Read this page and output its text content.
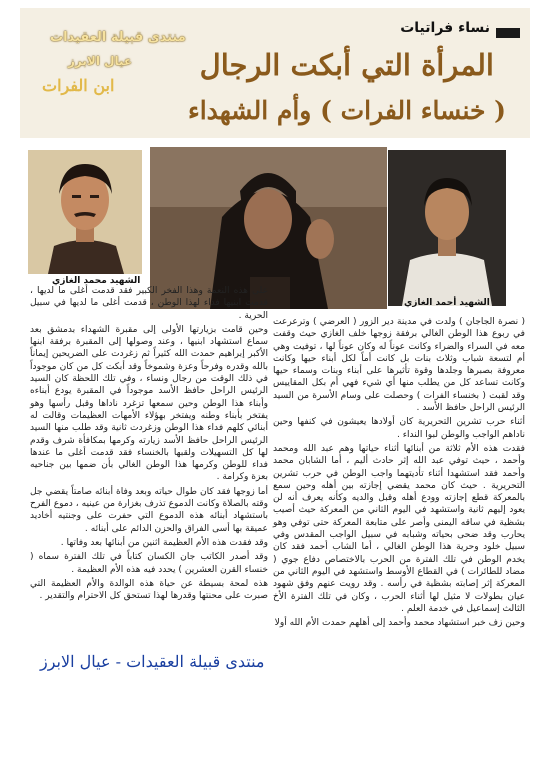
نساء فراتيات
المرأة التي أبكت الرجال
( خنساء الفرات ) وأم الشهداء
منتدى قبيلة العقيدات
عيال الابرز
ابن الفرات
الشهيد محمد الغازي
الشهيد أحمد الغازي

( نصرة الجاجان ) ولدت في مدينة دير الزور ( العرضي ) وترعرعت في ربوع هذا الوطن الغالي برفقة زوجها خلف الغازي حيث وقفت معه في السراء والضراء وكانت عوناً له وكان عوناً لها ، توفيت وهي أم لتسعة شباب وثلاث بنات بل كانت أماً لكل أبناء حيها وكانت معروفة بصبرها وجلدها وقوة تأثيرها على أبناء وبنات وسماء حيها وكانت تساعد كل من يطلب منها أي شيء فهي أم بكل المقاييس وقد لقبت ( بخنساء الفرات ) وحصلت على وسام الأسرة من السيد الرئيس الراحل حافظ الأسد .

أثناء حرب تشرين التحريرية كان أولادها يعيشون في كنفها وحين ناداهم الواجب والوطن لبوا النداء .

فقدت هذه الأم ثلاثة من أبنائها أثناء حياتها وهم عبد الله ومحمد وأحمد ، حيث توفي عبد الله إثر حادث أليم ، أما الشابان محمد وأحمد فقد استشهدا أثناء تأديتهما واجب الوطن في حرب تشرين التحريرية . حيث كان محمد يقضي إجازته بين أهله وحين سمع بالمعركة قطع إجازته وودع أهله وقبل والديه وكأنه يعرف أنه لن يعود إليهم ثانية واستشهد في اليوم الثاني من المعركة حيث أصيب بشظية في ساقه اليمنى وأصر على متابعة المعركة حتى توفي وهو يحارب وقد ضحى بحياته وشبابه في سبيل الواجب المقدس وفي سبيل خلود وحرية هذا الوطن الغالي ، أما الشاب أحمد فقد كان يخدم الوطن في تلك الفترة من الحرب بالاختصاص دفاع جوي ( مضاد للطائرات ) في القطاع الأوسط واستشهد في اليوم الثاني من المعركة إثر إصابته بشظية في رأسه . وقد رويت عنهم وفق شهود عيان بطولات لا مثيل لها أثناء الحرب ، وكان في تلك الفترة الأخ الثالث إسماعيل في خدمة العلم .

وحين زف خبر استشهاد محمد وأحمد إلى أهلهم حمدت الأم الله أولا

على هذه النعمة وهذا الفخر الكبير فقد قدمت أغلى ما لديها ، قدمت ابنيها فداء لهذا الوطن ، قدمت أغلى ما لديها في سبيل الحرية .

وحين قامت بزيارتها الأولى إلى مقبرة الشهداء بدمشق بعد سماع استشهاد ابنيها ، وعند وصولها إلى المقبرة برفقة ابنها الأكبر إبراهيم حمدت الله كثيراً ثم زغردت على الضريحين إيماناً بالله وقدره وفرحاً وعزة وشموخاً وقد أبكت كل من كان موجوداً في ذلك الوقت من رجال ونساء ، وفي تلك اللحظة كان السيد الرئيس الراحل حافظ الأسد موجوداً في المقبرة يودع أبناءه وأبناء هذا الوطن وحين سمعها تزغرد ناداها وقبل رأسها وهو يفتخر بأبناء وطنه ويفتخر بهؤلاء الأمهات العظيمات وقالت له أبنائي كلهم فداء هذا الوطن وزغردت ثانية وقد طلب منها السيد الرئيس الراحل حافظ الأسد زيارته وكرمها بمكافأة شرف وقدم لها كل التسهيلات ولقبها بالخنساء فقد قدمت أغلى ما عندها فداء للوطن وكرمها هذا الوطن الغالي بأن ضمها بين جناحيه بعزة وكرامة .

أما زوجها فقد كان طوال حياته وبعد وفاة أبنائه صامتاً يقضي جل وقته بالصلاة وكانت الدموع تذرف بغزارة من عينيه ، دموع الفرح باستشهاد أبنائه هذه الدموع التي حفرت على وجنتيه أخاديد عميقة بها أسى الفراق والحزن الدائم على أبنائه .

وقد فقدت هذه الأم العظيمة اثنين من أبنائها بعد وفاتها .

وقد أصدر الكاتب جان الكسان كتاباً في تلك الفترة سماه ( خنساء القرن العشرين ) يحدد فيه هذه الأم العظيمة .

هذه لمحة بسيطة عن حياة هذه الوالدة والأم العظيمة التي صبرت على محنتها وقدرها لهذا تستحق كل الاحترام والتقدير .

منتدى قبيلة العقيدات - عيال الابرز
